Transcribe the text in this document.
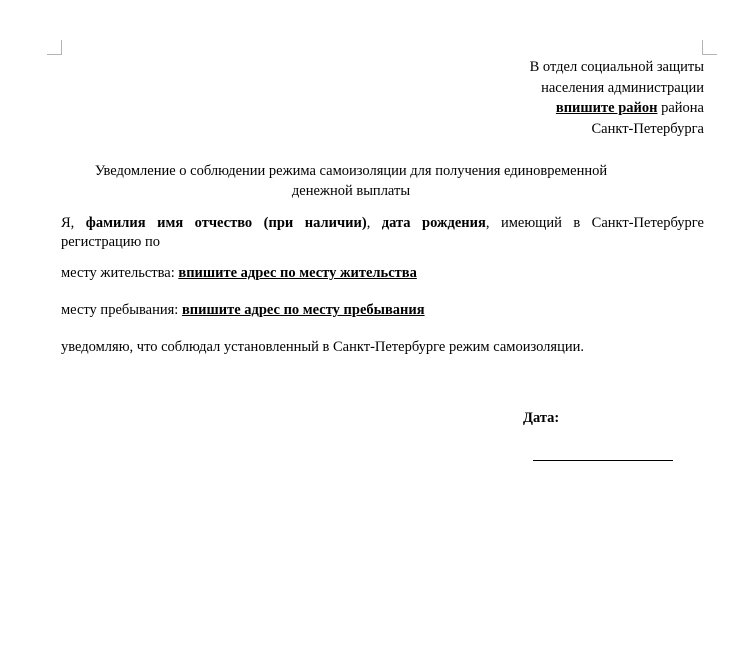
В отдел социальной защиты
населения администрации
впишите район района
Санкт-Петербурга
Уведомление о соблюдении режима самоизоляции для получения единовременной
денежной выплаты
Я, фамилия имя отчество (при наличии), дата рождения, имеющий в Санкт-Петербурге регистрацию по
месту жительства: впишите адрес по месту жительства
месту пребывания: впишите адрес по месту пребывания
уведомляю, что соблюдал установленный в Санкт-Петербурге режим самоизоляции.
Дата:
